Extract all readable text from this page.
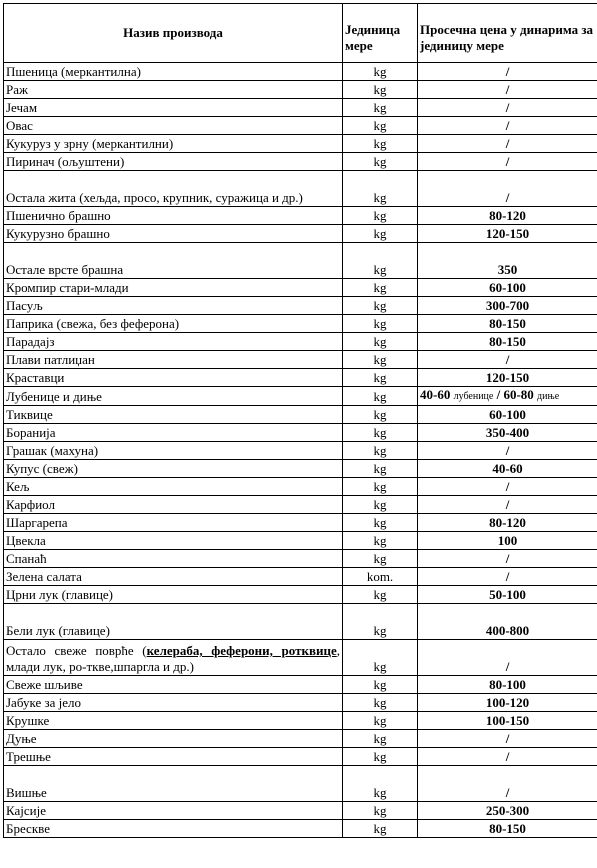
Назив производа	Јединица мере	Просечна цена у динарима за јединицу мере
Пшеница (меркантилна)	kg	/
Раж	kg	/
Јечам	kg	/
Овас	kg	/
Кукуруз у зрну (меркантилни)	kg	/
Пиринач (oљуштени)	kg	/
Остала жита (хељда, просо, крупник, суражица и др.)	kg	/
Пшенично брашно	kg	80-120
Кукурузно брашно	kg	120-150
Остале врсте брашна	kg	350
Кромпир стари-млади	kg	60-100
Пасуљ	kg	300-700
Паприка (свежа, без феферона)	kg	80-150
Парадајз	kg	80-150
Плави патлиџан	kg	/
Краставци	kg	120-150
Лубенице и диње	kg	40-60 лубенице / 60-80 диње
Тиквице	kg	60-100
Боранија	kg	350-400
Грашак (махуна)	kg	/
Купус (свеж)	kg	40-60
Кељ	kg	/
Карфиол	kg	/
Шаргарепа	kg	80-120
Цвекла	kg	100
Спанаћ	kg	/
Зелена салата	kom.	/
Црни лук (главице)	kg	50-100
Бели лук (главице)	kg	400-800
Остало свеже поврће (келераба, феферони, ротквице, млади лук, ро-тквe,шпаргла и др.)	kg	/
Свеже шљиве	kg	80-100
Јабуке за јело	kg	100-120
Крушке	kg	100-150
Дуње	kg	/
Трешње	kg	/
Вишње	kg	/
Кајсије	kg	250-300
Брескве	kg	80-150
